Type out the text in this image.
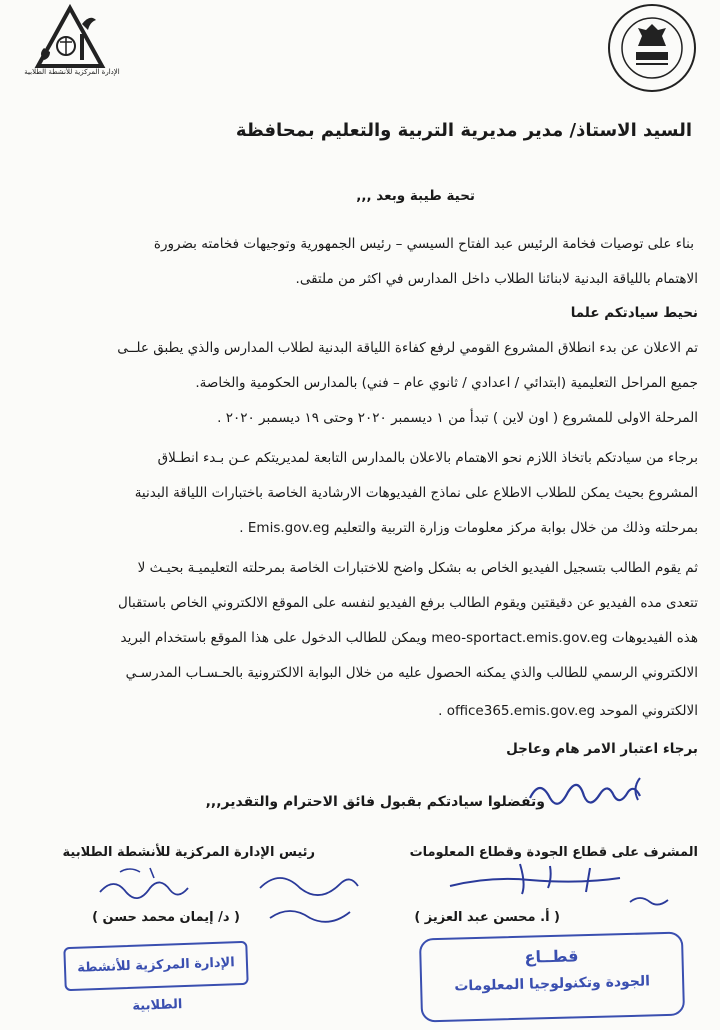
الإدارة المركزية للأنشطة الطلابية
السيد الاستاذ/ مدير مديرية التربية والتعليم بمحافظة
تحية طيبة وبعد ,,,
بناء على توصيات فخامة الرئيس عبد الفتاح السيسي – رئيس الجمهورية وتوجيهات فخامته بضرورة
الاهتمام باللياقة البدنية لابنائنا الطلاب داخل المدارس في اكثر من ملتقى.
نحيط سيادتكم علما
تم الاعلان عن بدء انطلاق المشروع القومي لرفع كفاءة اللياقة البدنية لطلاب المدارس والذي يطبق علــى
جميع المراحل التعليمية (ابتدائي / اعدادي / ثانوي عام – فني) بالمدارس الحكومية والخاصة.
المرحلة الاولى للمشروع ( اون لاين ) تبدأ من ١ ديسمبر ٢٠٢٠ وحتى ١٩ ديسمبر ٢٠٢٠ .
برجاء من سيادتكم باتخاذ اللازم نحو الاهتمام بالاعلان بالمدارس التابعة لمديريتكم عـن بـدء انطـلاق
المشروع بحيث يمكن للطلاب الاطلاع على نماذج الفيديوهات الارشادية الخاصة باختبارات اللياقة البدنية
بمرحلته وذلك من خلال بوابة مركز معلومات وزارة التربية والتعليم Emis.gov.eg .
ثم يقوم الطالب بتسجيل الفيديو الخاص به بشكل واضح للاختبارات الخاصة بمرحلته التعليميـة بحيـث لا
تتعدى مده الفيديو عن دقيقتين ويقوم الطالب برفع الفيديو لنفسه على الموقع الالكتروني الخاص باستقبال
هذه الفيديوهات meo-sportact.emis.gov.eg ويمكن للطالب الدخول على هذا الموقع باستخدام البريد
الالكتروني الرسمي للطالب والذي يمكنه الحصول عليه من خلال البوابة الالكترونية بالحـسـاب المدرسـي
الالكتروني الموحد office365.emis.gov.eg .
برجاء اعتبار الامر هام وعاجل
وتفضلوا سيادتكم بقبول فائق الاحترام والتقدير,,,
المشرف على قطاع الجودة وقطاع المعلومات
رئيس الإدارة المركزية للأنشطة الطلابية
( أ. محسن عبد العزيز )
( د/ إيمان محمد حسن )
الإدارة المركزية للأنشطة الطلابية
قطــاع
الجودة وتكنولوجيا المعلومات
